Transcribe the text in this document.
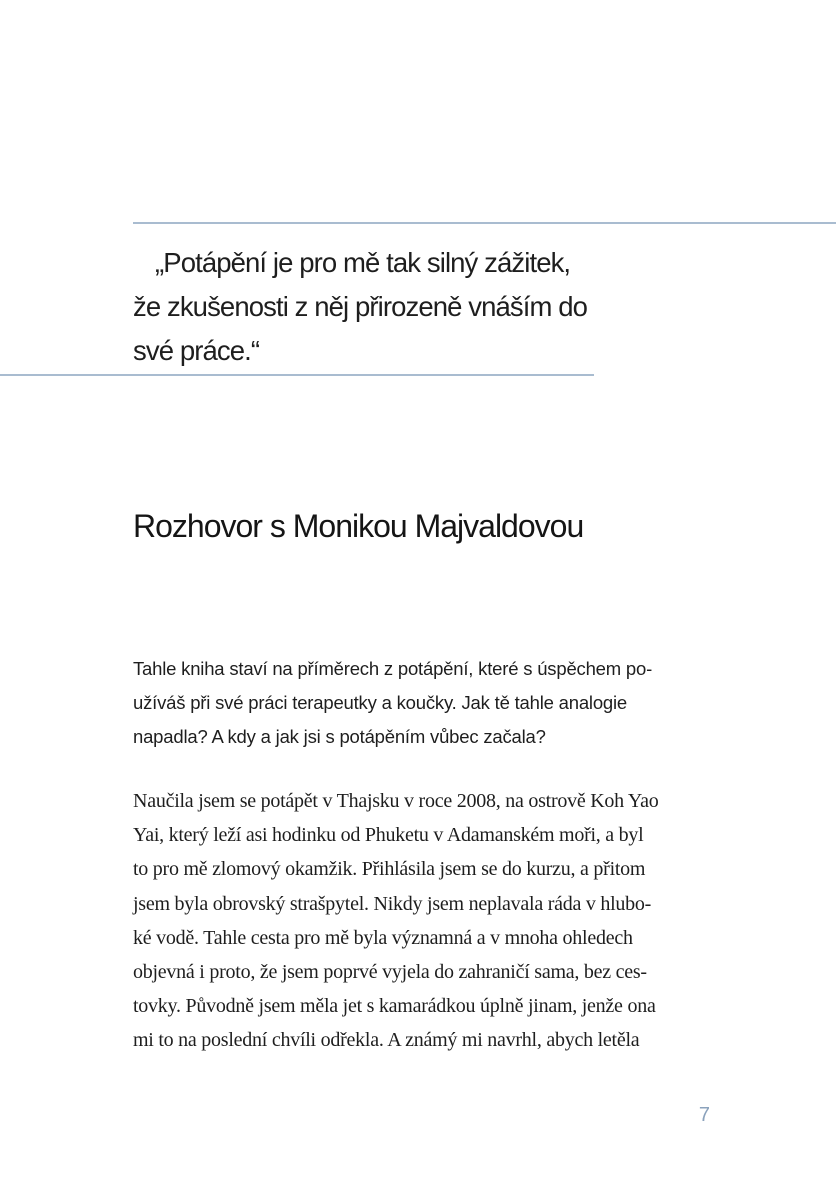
„Potápění je pro mě tak silný zážitek,
že zkušenosti z něj přirozeně vnáším do
své práce.“
Rozhovor s Monikou Majvaldovou

Tahle kniha staví na příměrech z potápění, které s úspěchem po-
užíváš při své práci terapeutky a koučky. Jak tě tahle analogie
napadla? A kdy a jak jsi s potápěním vůbec začala?

Naučila jsem se potápět v Thajsku v roce 2008, na ostrově Koh Yao
Yai, který leží asi hodinku od Phuketu v Adamanském moři, a byl
to pro mě zlomový okamžik. Přihlásila jsem se do kurzu, a přitom
jsem byla obrovský strašpytel. Nikdy jsem neplavala ráda v hlubo-
ké vodě. Tahle cesta pro mě byla významná a v mnoha ohledech
objevná i proto, že jsem poprvé vyjela do zahraničí sama, bez ces-
tovky. Původně jsem měla jet s kamarádkou úplně jinam, jenže ona
mi to na poslední chvíli odřekla. A známý mi navrhl, abych letěla

7
